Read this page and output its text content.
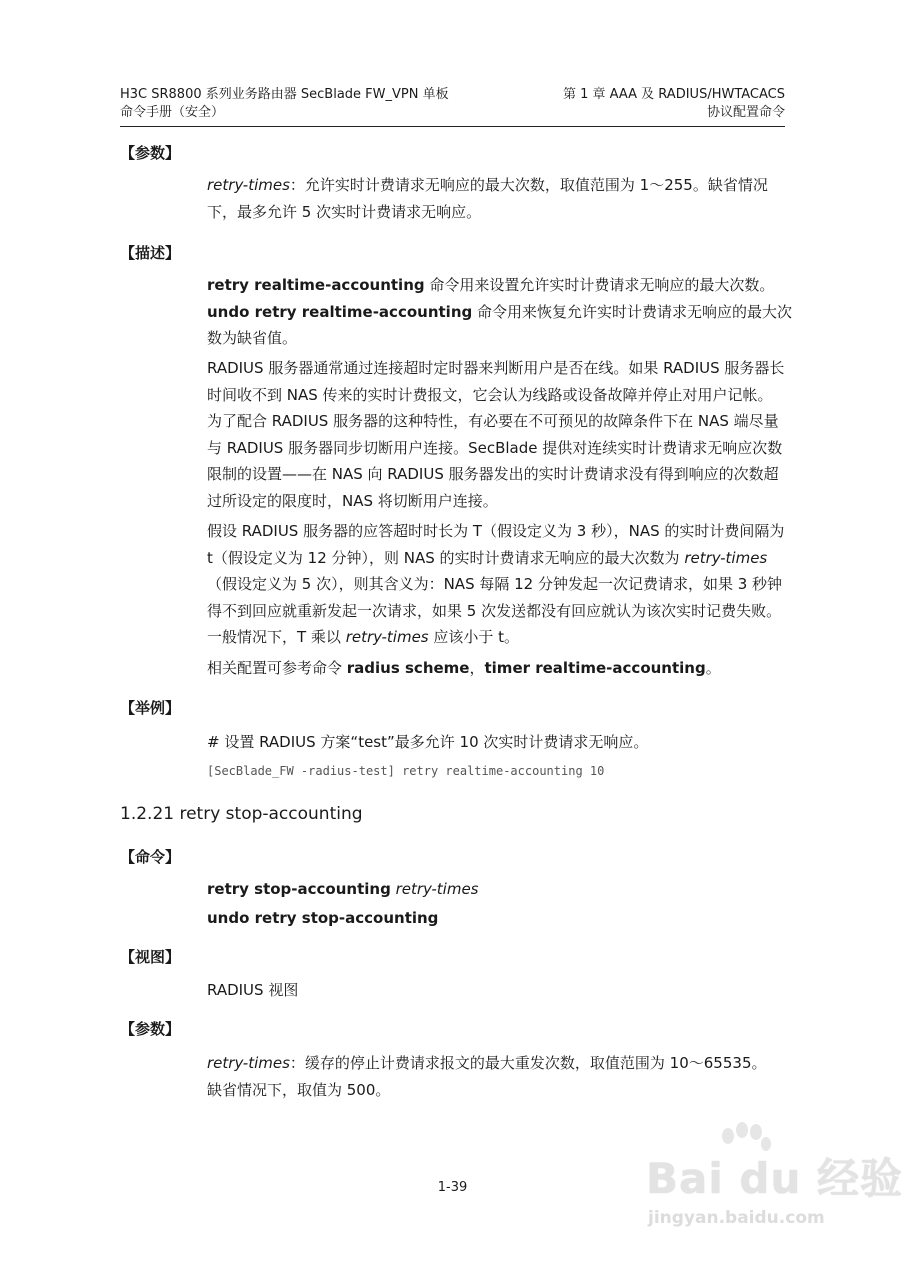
H3C SR8800 系列业务路由器 SecBlade FW_VPN 单板
命令手册（安全）
第 1 章 AAA 及 RADIUS/HWTACACS
协议配置命令
【参数】
retry-times：允许实时计费请求无响应的最大次数，取值范围为 1～255。缺省情况
下，最多允许 5 次实时计费请求无响应。
【描述】
retry realtime-accounting 命令用来设置允许实时计费请求无响应的最大次数。
undo retry realtime-accounting 命令用来恢复允许实时计费请求无响应的最大次
数为缺省值。

RADIUS 服务器通常通过连接超时定时器来判断用户是否在线。如果 RADIUS 服务器长时间收不到 NAS 传来的实时计费报文，它会认为线路或设备故障并停止对用户记帐。为了配合 RADIUS 服务器的这种特性，有必要在不可预见的故障条件下在 NAS 端尽量与 RADIUS 服务器同步切断用户连接。SecBlade 提供对连续实时计费请求无响应次数限制的设置——在 NAS 向 RADIUS 服务器发出的实时计费请求没有得到响应的次数超过所设定的限度时，NAS 将切断用户连接。

假设 RADIUS 服务器的应答超时时长为 T（假设定义为 3 秒），NAS 的实时计费间隔为 t（假设定义为 12 分钟），则 NAS 的实时计费请求无响应的最大次数为 retry-times（假设定义为 5 次），则其含义为：NAS 每隔 12 分钟发起一次记费请求，如果 3 秒钟得不到回应就重新发起一次请求，如果 5 次发送都没有回应就认为该次实时记费失败。一般情况下，T 乘以 retry-times 应该小于 t。

相关配置可参考命令 radius scheme，timer realtime-accounting。

【举例】

# 设置 RADIUS 方案“test”最多允许 10 次实时计费请求无响应。

[SecBlade_FW -radius-test] retry realtime-accounting 10
1.2.21 retry stop-accounting
【命令】
retry stop-accounting retry-times
undo retry stop-accounting
【视图】
RADIUS 视图
【参数】
retry-times：缓存的停止计费请求报文的最大重发次数，取值范围为 10～65535。
缺省情况下，取值为 500。
1-39	Bai du 经验
jingyan.baidu.com
